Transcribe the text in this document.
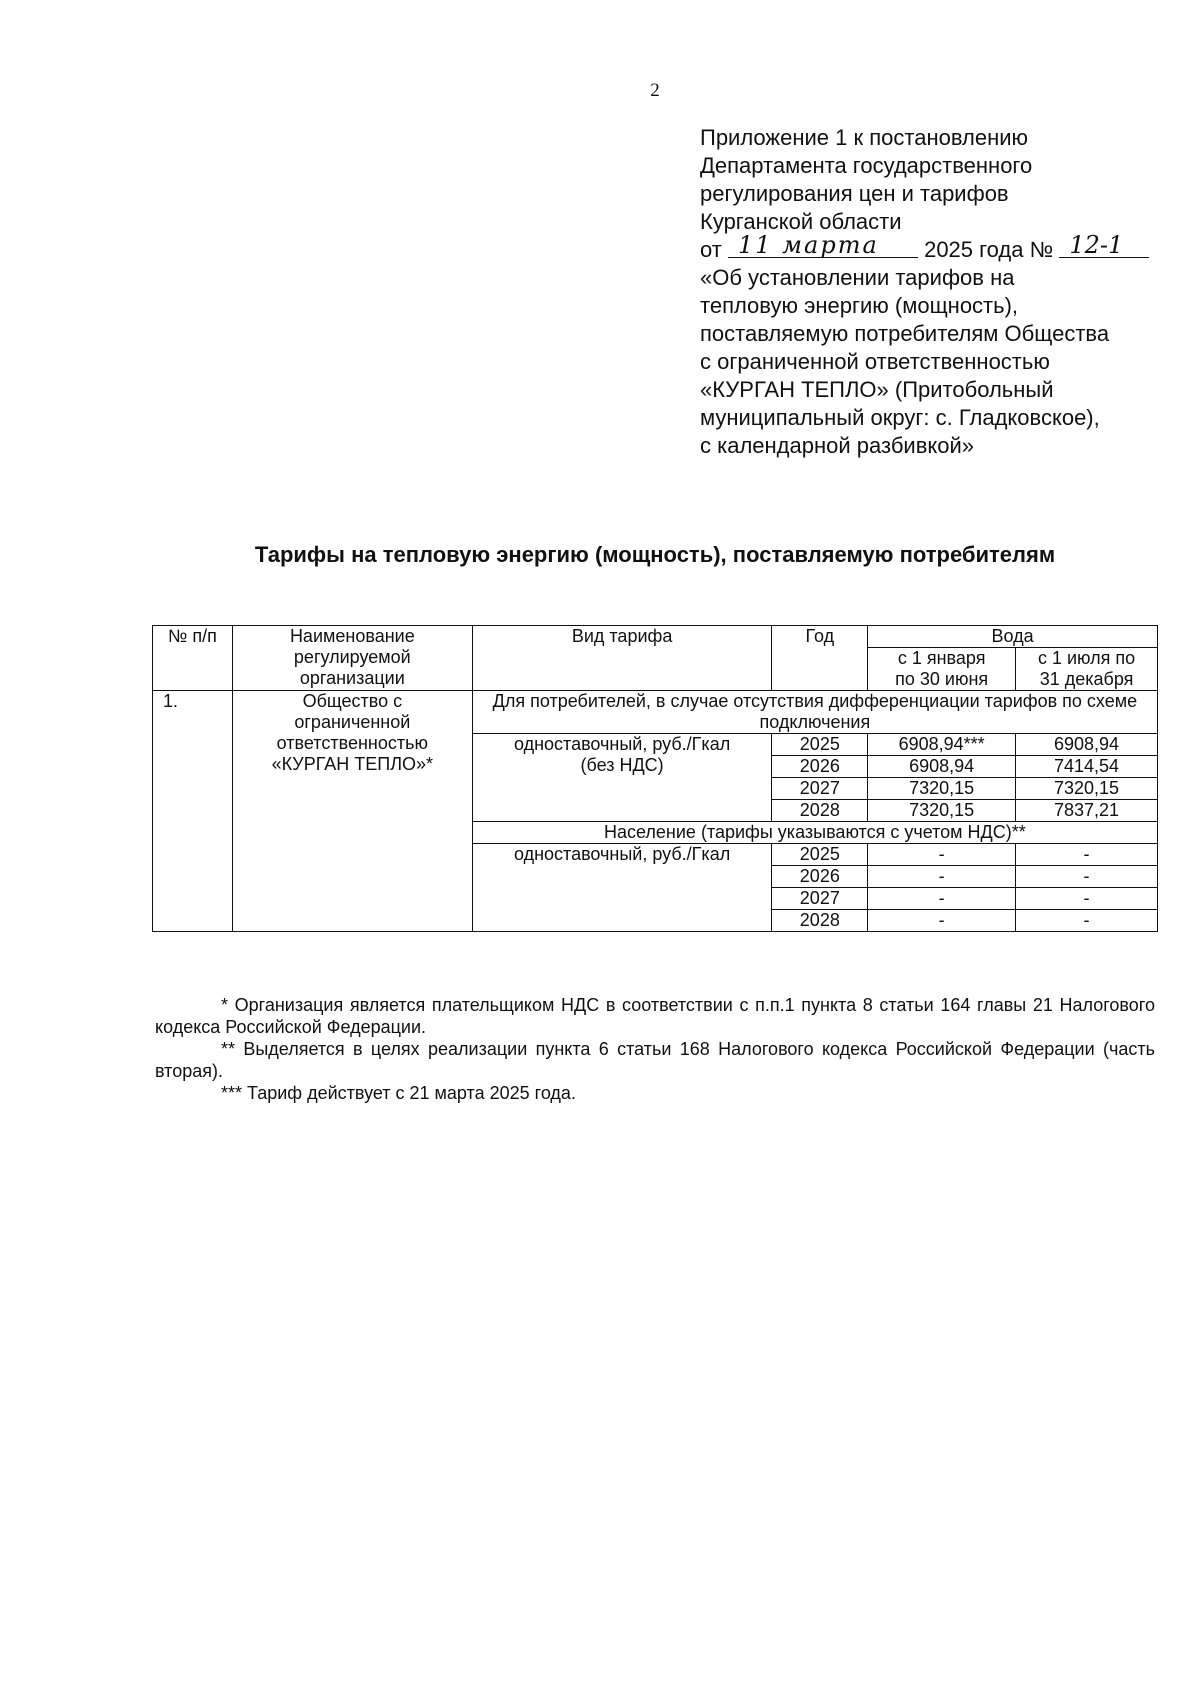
2
Приложение 1 к постановлению
Департамента государственного
регулирования цен и тарифов
Курганской области
от 11 марта 2025 года № 12-1
«Об установлении тарифов на
тепловую энергию (мощность),
поставляемую потребителям Общества
с ограниченной ответственностью
«КУРГАН ТЕПЛО» (Притобольный
муниципальный округ: с. Гладковское),
с календарной разбивкой»
Тарифы на тепловую энергию (мощность), поставляемую потребителям
№ п/п	Наименование регулируемой организации	Вид тарифа	Год	Вода	
				с 1 января по 30 июня	с 1 июля по 31 декабря
1.	Общество с ограниченной ответственностью «КУРГАН ТЕПЛО»*	Для потребителей, в случае отсутствия дифференциации тарифов по схеме подключения			
		одноставочный, руб./Гкал (без НДС)	2025	6908,94***	6908,94
			2026	6908,94	7414,54
			2027	7320,15	7320,15
			2028	7320,15	7837,21
		Население (тарифы указываются с учетом НДС)**			
		одноставочный, руб./Гкал	2025	-	-
			2026	-	-
			2027	-	-
			2028	-	-

* Организация является плательщиком НДС в соответствии с п.п.1 пункта 8 статьи 164 главы 21 Налогового кодекса Российской Федерации.

** Выделяется в целях реализации пункта 6 статьи 168 Налогового кодекса Российской Федерации (часть вторая).

*** Тариф действует с 21 марта 2025 года.
